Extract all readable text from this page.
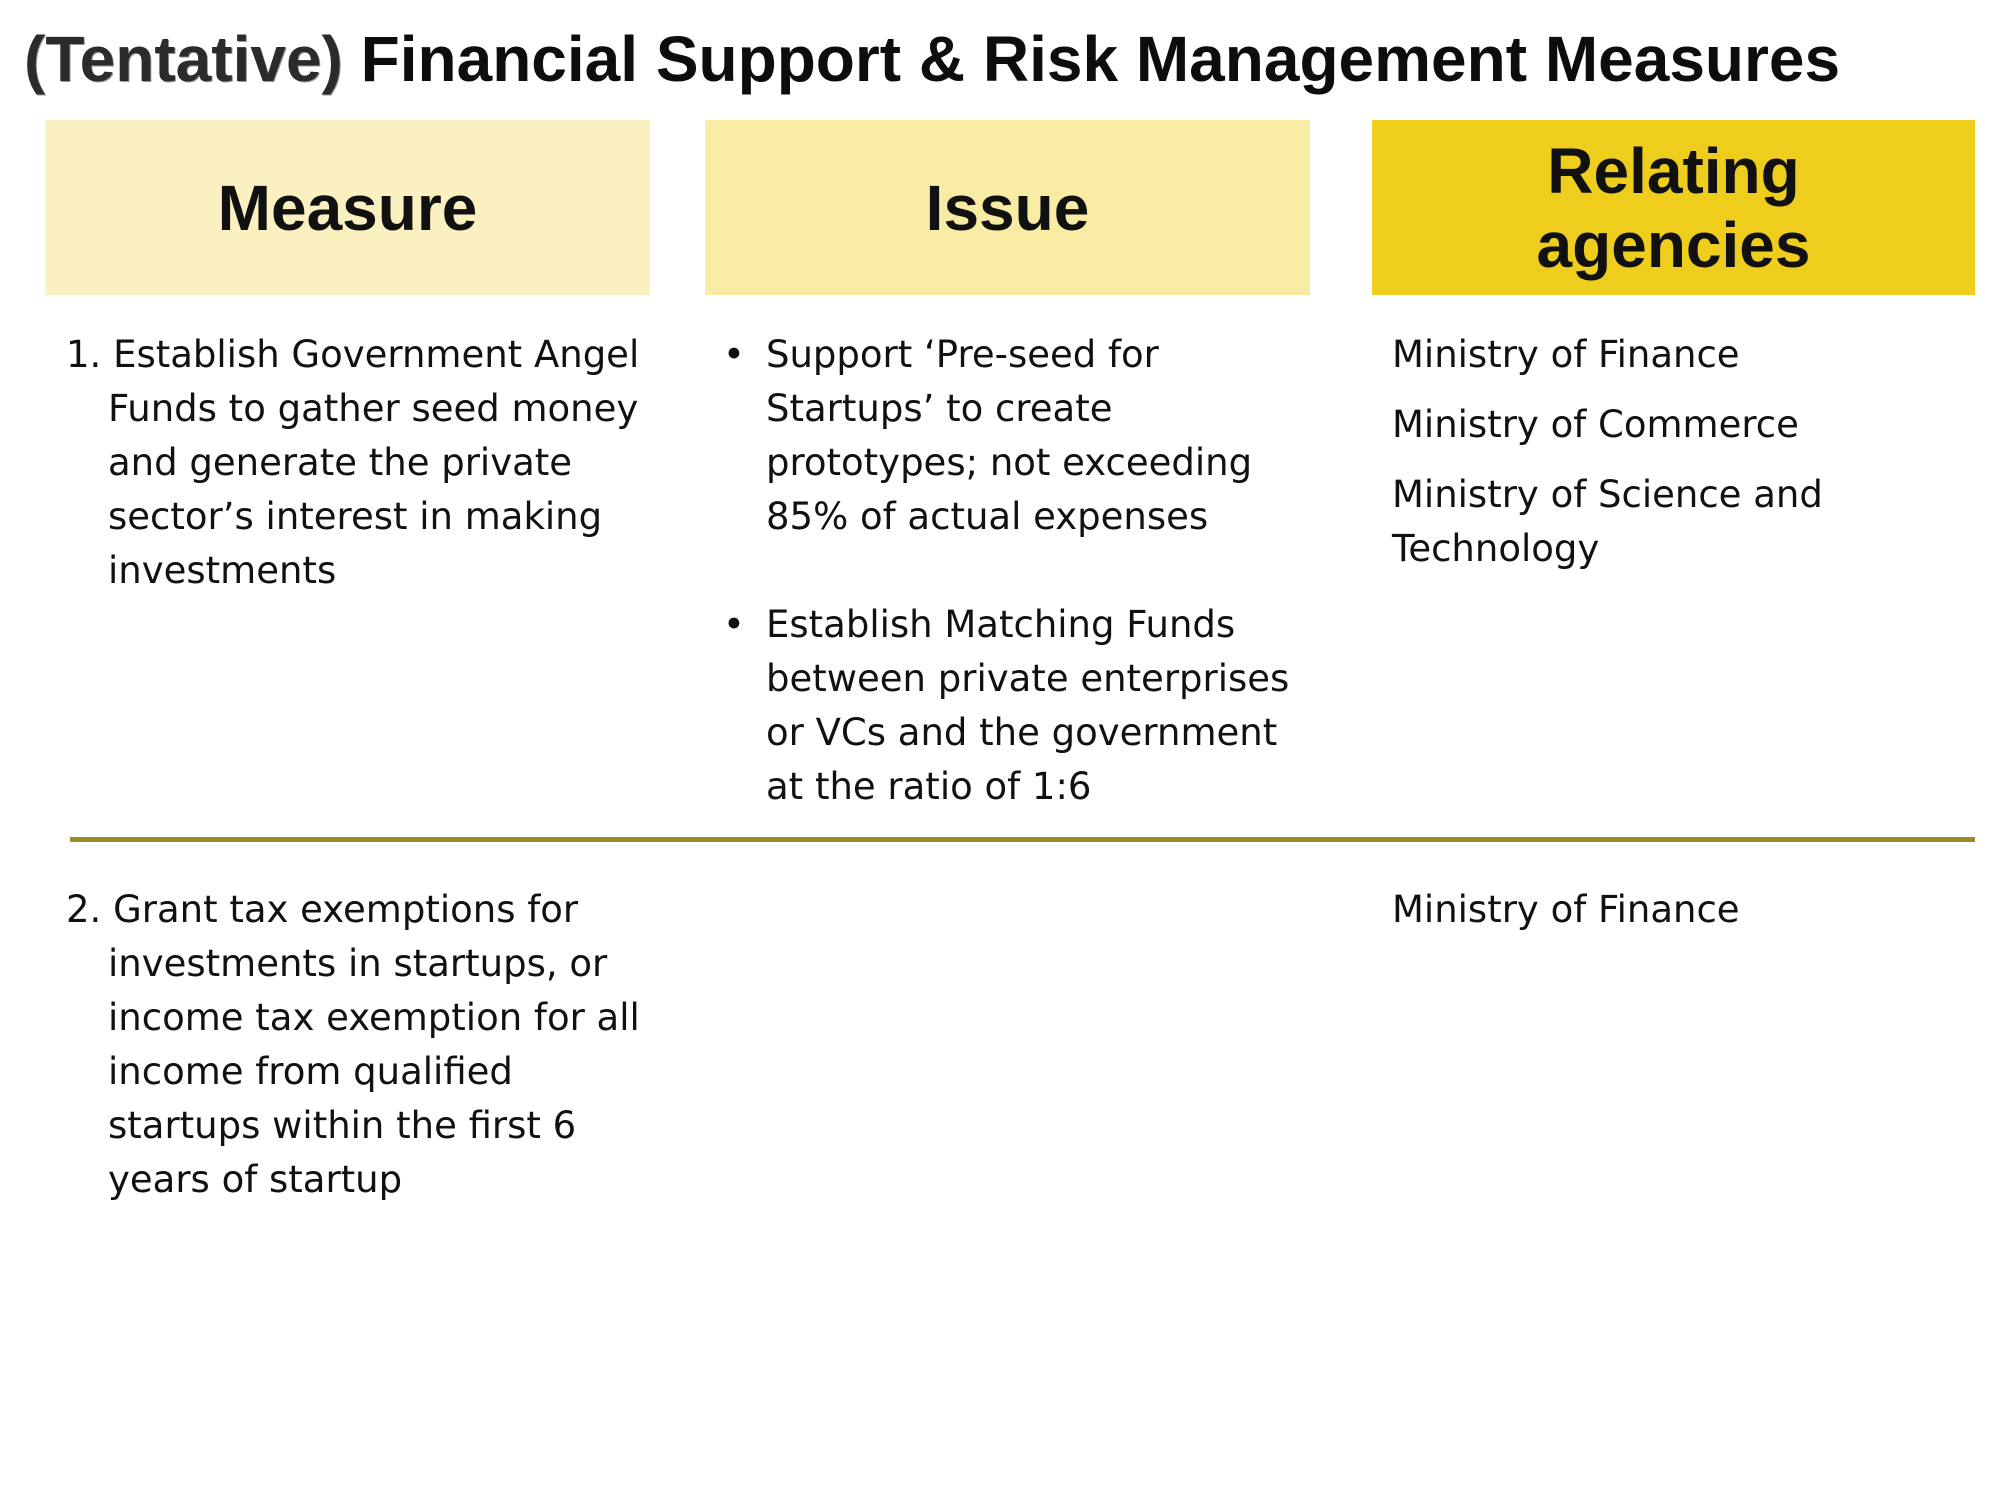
(Tentative) Financial Support & Risk Management Measures
Measure	Issue
Relating agencies
1. Establish Government Angel Funds to gather seed money and generate the private sector’s interest in making investments
• Support ‘Pre-seed for Startups’ to create prototypes; not exceeding 85% of actual expenses
• Establish Matching Funds between private enterprises or VCs and the government at the ratio of 1:6
Ministry of Finance
Ministry of Commerce
Ministry of Science and Technology
2. Grant tax exemptions for investments in startups, or income tax exemption for all income from qualified startups within the first 6 years of startup
Ministry of Finance
